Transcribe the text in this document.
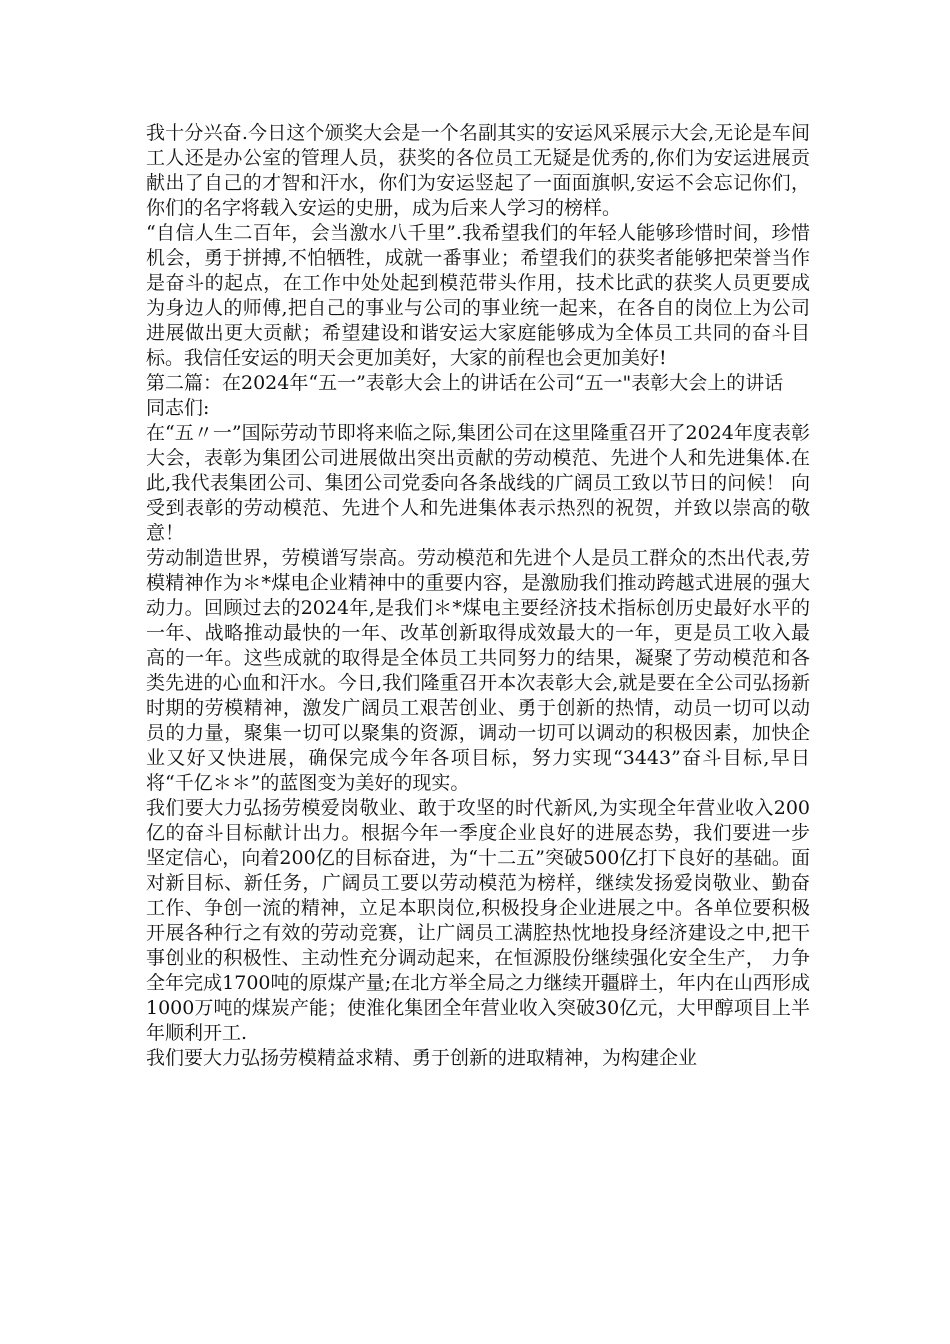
我十分兴奋.今日这个颁奖大会是一个名副其实的安运风采展示大会,无论是车间工人还是办公室的管理人员，获奖的各位员工无疑是优秀的,你们为安运进展贡献出了自己的才智和汗水，你们为安运竖起了一面面旗帜,安运不会忘记你们，你们的名字将载入安运的史册，成为后来人学习的榜样。

“自信人生二百年，会当激水八千里”.我希望我们的年轻人能够珍惜时间，珍惜机会，勇于拼搏,不怕牺牲，成就一番事业；希望我们的获奖者能够把荣誉当作是奋斗的起点，在工作中处处起到模范带头作用，技术比武的获奖人员更要成为身边人的师傅,把自己的事业与公司的事业统一起来，在各自的岗位上为公司进展做出更大贡献；希望建设和谐安运大家庭能够成为全体员工共同的奋斗目标。我信任安运的明天会更加美好，大家的前程也会更加美好!

第二篇：在2024年“五一”表彰大会上的讲话在公司“五一"表彰大会上的讲话

同志们:

在“五〃一”国际劳动节即将来临之际,集团公司在这里隆重召开了2024年度表彰大会，表彰为集团公司进展做出突出贡献的劳动模范、先进个人和先进集体.在此,我代表集团公司、集团公司党委向各条战线的广阔员工致以节日的问候！ 向受到表彰的劳动模范、先进个人和先进集体表示热烈的祝贺，并致以崇高的敬意！

劳动制造世界，劳模谱写崇高。劳动模范和先进个人是员工群众的杰出代表,劳模精神作为＊*煤电企业精神中的重要内容，是激励我们推动跨越式进展的强大动力。回顾过去的2024年,是我们＊*煤电主要经济技术指标创历史最好水平的一年、战略推动最快的一年、改革创新取得成效最大的一年，更是员工收入最高的一年。这些成就的取得是全体员工共同努力的结果，凝聚了劳动模范和各类先进的心血和汗水。今日,我们隆重召开本次表彰大会,就是要在全公司弘扬新时期的劳模精神，激发广阔员工艰苦创业、勇于创新的热情，动员一切可以动员的力量，聚集一切可以聚集的资源，调动一切可以调动的积极因素，加快企业又好又快进展，确保完成今年各项目标，努力实现“3443”奋斗目标,早日将“千亿＊＊”的蓝图变为美好的现实。

我们要大力弘扬劳模爱岗敬业、敢于攻坚的时代新风,为实现全年营业收入200亿的奋斗目标献计出力。根据今年一季度企业良好的进展态势，我们要进一步坚定信心，向着200亿的目标奋进，为“十二五”突破500亿打下良好的基础。面对新目标、新任务，广阔员工要以劳动模范为榜样，继续发扬爱岗敬业、勤奋工作、争创一流的精神，立足本职岗位,积极投身企业进展之中。各单位要积极开展各种行之有效的劳动竞赛，让广阔员工满腔热忱地投身经济建设之中,把干事创业的积极性、主动性充分调动起来，在恒源股份继续强化安全生产， 力争全年完成1700吨的原煤产量;在北方举全局之力继续开疆辟土，年内在山西形成1000万吨的煤炭产能；使淮化集团全年营业收入突破30亿元，大甲醇项目上半年顺利开工.

我们要大力弘扬劳模精益求精、勇于创新的进取精神，为构建企业
